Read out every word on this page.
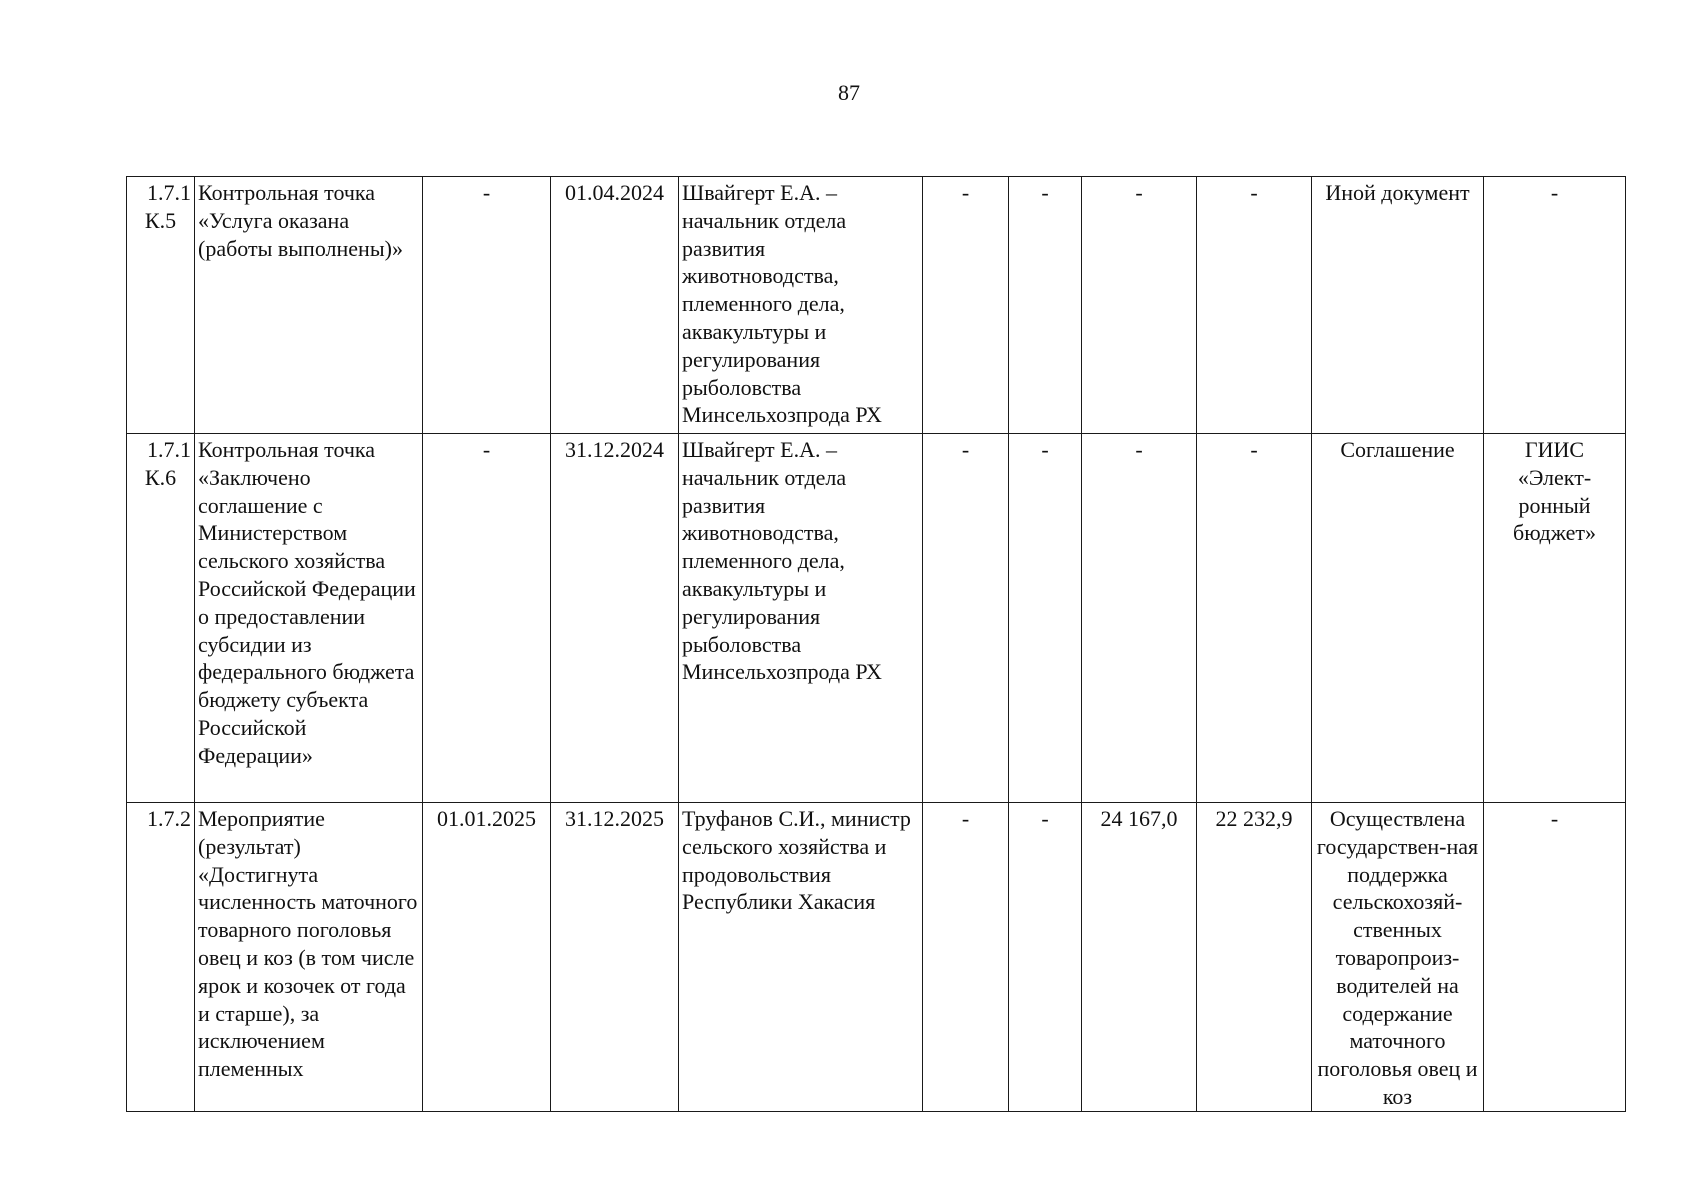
87
1.7.1
К.5	Контрольная точка «Услуга оказана (работы выполнены)»	-	01.04.2024	Швайгерт Е.А. – начальник отдела развития животноводства, племенного дела, аквакультуры и регулирования рыболовства Минсельхозпрода РХ	-	-	-	-	Иной документ	-

1.7.1
К.6	Контрольная точка «Заключено соглашение с Министерством сельского хозяйства Российской Федерации о предоставлении субсидии из федерального бюджета бюджету субъекта Российской Федерации»	-	31.12.2024	Швайгерт Е.А. – начальник отдела развития животноводства, племенного дела, аквакультуры и регулирования рыболовства Минсельхозпрода РХ	-	-	-	-	Соглашение	ГИИС «Элект-ронный бюджет»

1.7.2	Мероприятие (результат) «Достигнута численность маточного товарного поголовья овец и коз (в том числе ярок и козочек от года и старше), за исключением племенных	01.01.2025	31.12.2025	Труфанов С.И., министр сельского хозяйства и продовольствия Республики Хакасия	-	-	24 167,0	22 232,9	Осуществлена государствен-ная поддержка сельскохозяй-ственных товаропроиз-водителей на содержание маточного поголовья овец и коз	-
